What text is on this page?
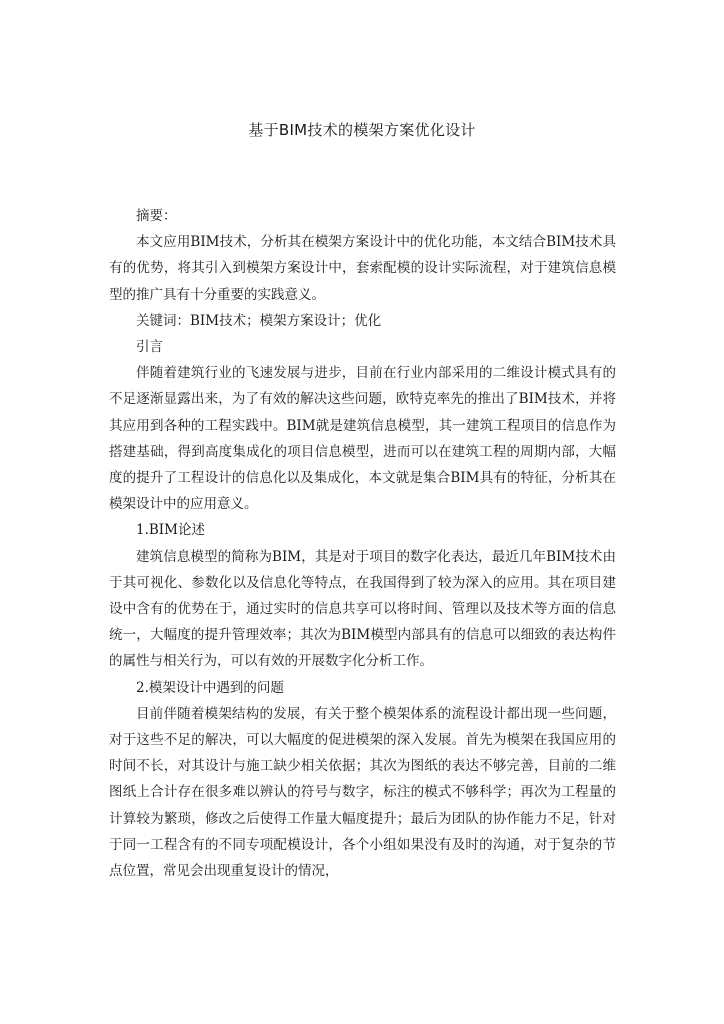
基于BIM技术的模架方案优化设计

摘要：

本文应用BIM技术，分析其在模架方案设计中的优化功能，本文结合BIM技术具有的优势，将其引入到模架方案设计中，套索配模的设计实际流程，对于建筑信息模型的推广具有十分重要的实践意义。

关键词：BIM技术；模架方案设计；优化

引言

伴随着建筑行业的飞速发展与进步，目前在行业内部采用的二维设计模式具有的不足逐渐显露出来，为了有效的解决这些问题，欧特克率先的推出了BIM技术，并将其应用到各种的工程实践中。BIM就是建筑信息模型，其一建筑工程项目的信息作为搭建基础，得到高度集成化的项目信息模型，进而可以在建筑工程的周期内部，大幅度的提升了工程设计的信息化以及集成化，本文就是集合BIM具有的特征，分析其在模架设计中的应用意义。

1.BIM论述

建筑信息模型的简称为BIM，其是对于项目的数字化表达，最近几年BIM技术由于其可视化、参数化以及信息化等特点，在我国得到了较为深入的应用。其在项目建设中含有的优势在于，通过实时的信息共享可以将时间、管理以及技术等方面的信息统一，大幅度的提升管理效率；其次为BIM模型内部具有的信息可以细致的表达构件的属性与相关行为，可以有效的开展数字化分析工作。

2.模架设计中遇到的问题

目前伴随着模架结构的发展，有关于整个模架体系的流程设计都出现一些问题，对于这些不足的解决，可以大幅度的促进模架的深入发展。首先为模架在我国应用的时间不长，对其设计与施工缺少相关依据；其次为图纸的表达不够完善，目前的二维图纸上合计存在很多难以辨认的符号与数字，标注的模式不够科学；再次为工程量的计算较为繁琐，修改之后使得工作量大幅度提升；最后为团队的协作能力不足，针对于同一工程含有的不同专项配模设计，各个小组如果没有及时的沟通，对于复杂的节点位置，常见会出现重复设计的情况，
